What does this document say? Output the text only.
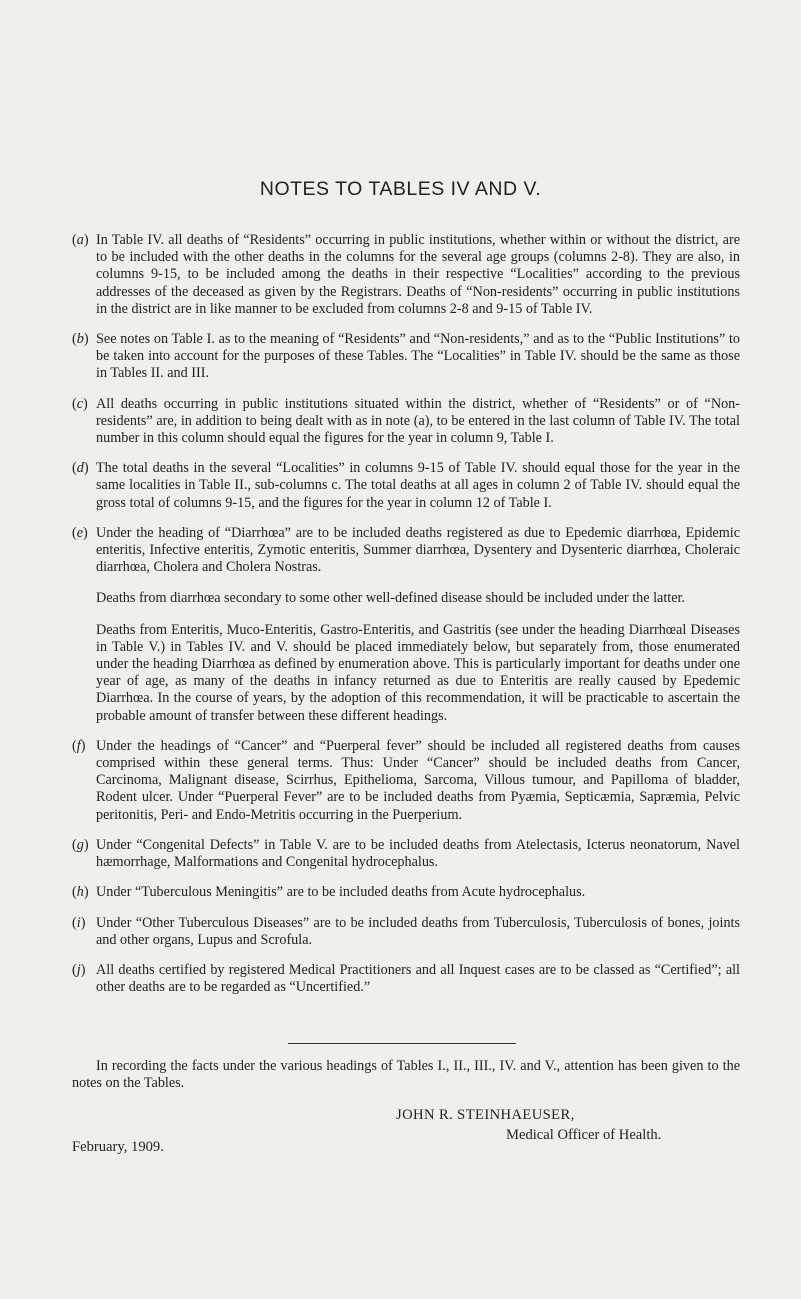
NOTES TO TABLES IV AND V.
(a) In Table IV. all deaths of “Residents” occurring in public institutions, whether within or without the district, are to be included with the other deaths in the columns for the several age groups (columns 2-8). They are also, in columns 9-15, to be included among the deaths in their respective “Localities” according to the previous addresses of the deceased as given by the Registrars. Deaths of “Non-residents” occurring in public institutions in the district are in like manner to be excluded from columns 2-8 and 9-15 of Table IV.

(b) See notes on Table I. as to the meaning of “Residents” and “Non-residents,” and as to the “Public Institutions” to be taken into account for the purposes of these Tables. The “Localities” in Table IV. should be the same as those in Tables II. and III.

(c) All deaths occurring in public institutions situated within the district, whether of “Residents” or of “Non-residents” are, in addition to being dealt with as in note (a), to be entered in the last column of Table IV. The total number in this column should equal the figures for the year in column 9, Table I.

(d) The total deaths in the several “Localities” in columns 9-15 of Table IV. should equal those for the year in the same localities in Table II., sub-columns c. The total deaths at all ages in column 2 of Table IV. should equal the gross total of columns 9-15, and the figures for the year in column 12 of Table I.

(e) Under the heading of “Diarrhœa” are to be included deaths registered as due to Epedemic diarrhœa, Epidemic enteritis, Infective enteritis, Zymotic enteritis, Summer diarrhœa, Dysentery and Dysenteric diarrhœa, Choleraic diarrhœa, Cholera and Cholera Nostras.

Deaths from diarrhœa secondary to some other well-defined disease should be included under the latter.

Deaths from Enteritis, Muco-Enteritis, Gastro-Enteritis, and Gastritis (see under the heading Diarrhœal Diseases in Table V.) in Tables IV. and V. should be placed immediately below, but separately from, those enumerated under the heading Diarrhœa as defined by enumeration above. This is particularly important for deaths under one year of age, as many of the deaths in infancy returned as due to Enteritis are really caused by Epedemic Diarrhœa. In the course of years, by the adoption of this recommendation, it will be practicable to ascertain the probable amount of transfer between these different headings.

(f) Under the headings of “Cancer” and “Puerperal fever” should be included all registered deaths from causes comprised within these general terms. Thus: Under “Cancer” should be included deaths from Cancer, Carcinoma, Malignant disease, Scirrhus, Epithelioma, Sarcoma, Villous tumour, and Papilloma of bladder, Rodent ulcer. Under “Puerperal Fever” are to be included deaths from Pyæmia, Septicæmia, Sapræmia, Pelvic peritonitis, Peri- and Endo-Metritis occurring in the Puerperium.

(g) Under “Congenital Defects” in Table V. are to be included deaths from Atelectasis, Icterus neonatorum, Navel hæmorrhage, Malformations and Congenital hydrocephalus.

(h) Under “Tuberculous Meningitis” are to be included deaths from Acute hydrocephalus.

(i) Under “Other Tuberculous Diseases” are to be included deaths from Tuberculosis, Tuberculosis of bones, joints and other organs, Lupus and Scrofula.

(j) All deaths certified by registered Medical Practitioners and all Inquest cases are to be classed as “Certified”; all other deaths are to be regarded as “Uncertified.”

In recording the facts under the various headings of Tables I., II., III., IV. and V., attention has been given to the notes on the Tables.
JOHN R. STEINHAEUSER,
Medical Officer of Health.
February, 1909.
